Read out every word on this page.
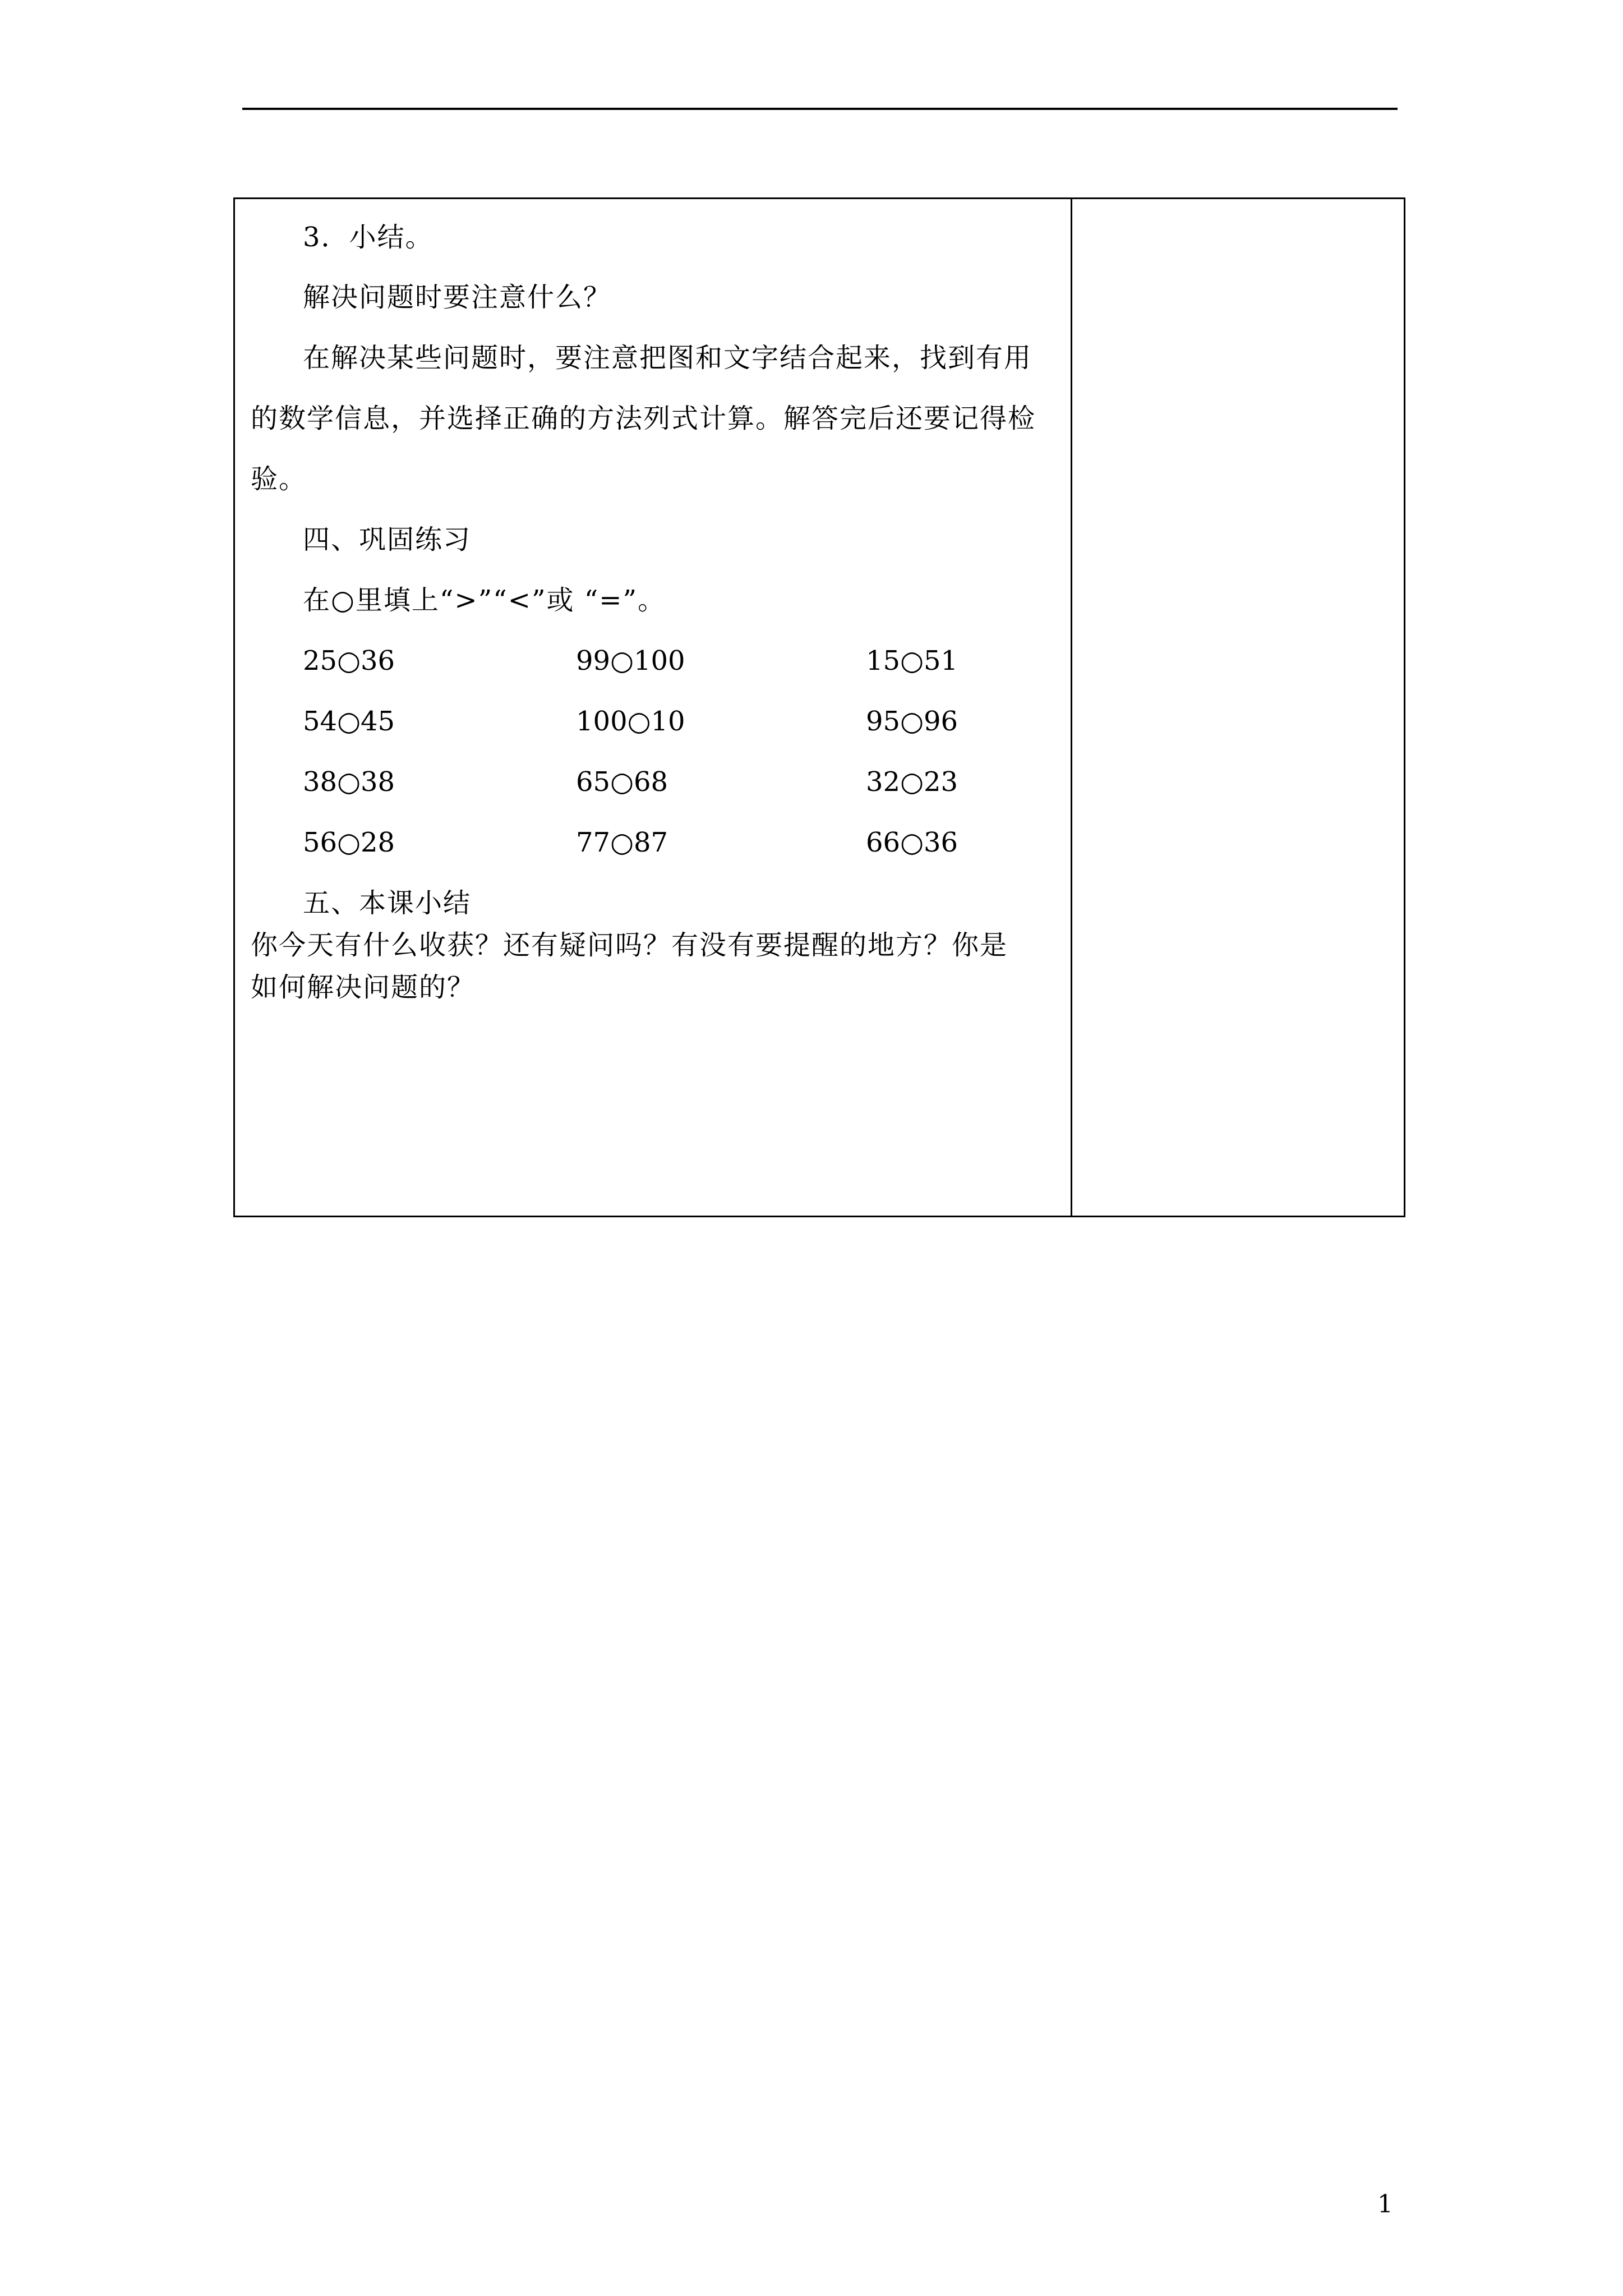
3．小结。
解决问题时要注意什么？
在解决某些问题时，要注意把图和文字结合起来，找到有用
的数学信息，并选择正确的方法列式计算。解答完后还要记得检
验。
四、巩固练习
在○里填上“>”“<”或 “=”。
25○36	99○100	15○51
54○45	100○10	95○96
38○38	65○68	32○23
56○28	77○87	66○36
五、本课小结
你今天有什么收获？还有疑问吗？有没有要提醒的地方？你是
如何解决问题的？
1
